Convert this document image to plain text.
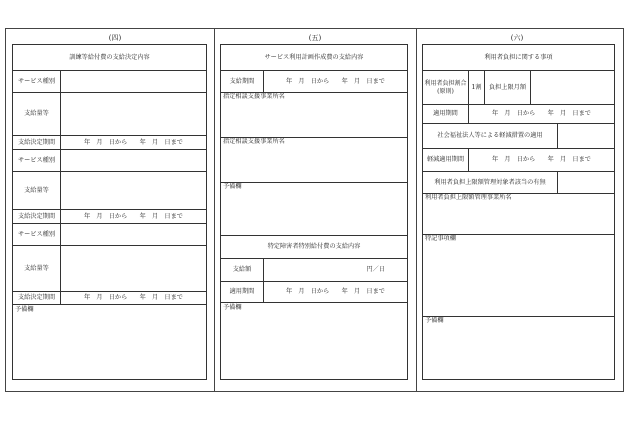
(四)	(五)	(六)
訓練等給付費の支給決定内容
サービス種別
支給量等
支給決定期間	年　月　日から　　年　月　日まで
サービス種別
支給量等
支給決定期間	年　月　日から　　年　月　日まで
サービス種別
支給量等
支給決定期間	年　月　日から　　年　月　日まで
予備欄
サービス利用計画作成費の支給内容
支給期間	年　月　日から　　年　月　日まで
指定相談支援事業所名
指定相談支援事業所名
予備欄
特定障害者特別給付費の支給内容
支給額	円／日
適用期間	年　月　日から　　年　月　日まで
予備欄
利用者負担に関する事項
利用者負担割合(原則)
1割	負担上限月額
適用期間	年　月　日から　　年　月　日まで
社会福祉法人等による軽減措置の適用
軽減適用期間	年　月　日から　　年　月　日まで
利用者負担上限額管理対象者該当の有無
利用者負担上限額管理事業所名
特記事項欄
予備欄
